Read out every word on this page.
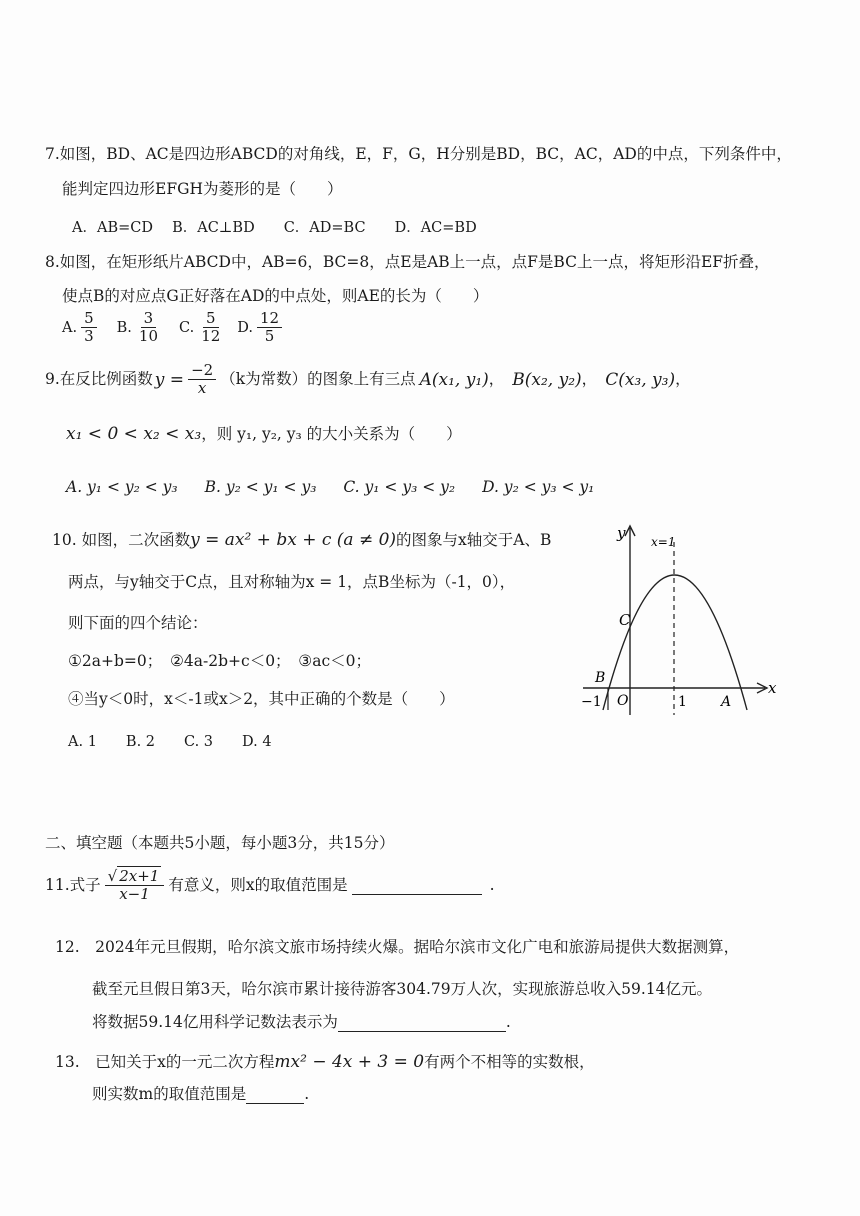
7.如图，BD、AC是四边形ABCD的对角线，E，F，G，H分别是BD，BC，AC，AD的中点，下列条件中，
能判定四边形EFGH为菱形的是（　　）
A．AB=CD　 B．AC⊥BD　　C．AD=BC　　D．AC=BD
8.如图，在矩形纸片ABCD中，AB=6，BC=8，点E是AB上一点，点F是BC上一点，将矩形沿EF折叠，
使点B的对应点G正好落在AD的中点处，则AE的长为（　　）
A. $\frac{5}{3} B$. $\frac{3}{10} C$. $\frac{5}{12} D$. $\frac{12}{5}$
9.在反比例函数 $y = \frac{-2}{x} (k$为常数）的图象上有三点 A(x₁, y₁) ， B(x₂, y₂) ， C(x₃, y₃) ，
x₁ < 0 < x₂ < x₃ ，则 y₁, y₂, y₃ 的大小关系为（　　）
A. y₁ < y₂ < y₃ B. y₂ < y₁ < y₃ C. y₁ < y₃ < y₂ D. y₂ < y₃ < y₁
10. 如图，二次函数 y = ax² + bx + c (a ≠ 0) 的图象与x轴交于A、B
两点，与y轴交于C点，且对称轴为x = 1，点B坐标为（-1，0），
则下面的四个结论：
①2a+b=0；　②4a-2b+c＜0；　③ac＜0；
④当y＜0时，x＜-1或x＞2，其中正确的个数是（　　）
A. 1　　B. 2　　C. 3　　D. 4
y
x
x=1
C
B
−1 O	1 A
二、填空题（本题共5小题，每小题3分，共15分）
11.式子 $\frac{√ 2x+1}{x-1}$ 有意义，则x的取值范围是	.
12.　2024年元旦假期，哈尔滨文旅市场持续火爆。据哈尔滨市文化广电和旅游局提供大数据测算，
截至元旦假日第3天，哈尔滨市累计接待游客304.79万人次，实现旅游总收入59.14亿元。
将数据59.14亿用科学记数法表示为	.
13.　已知关于x的一元二次方程 mx² − 4x + 3 = 0 有两个不相等的实数根，
则实数m的取值范围是	.
